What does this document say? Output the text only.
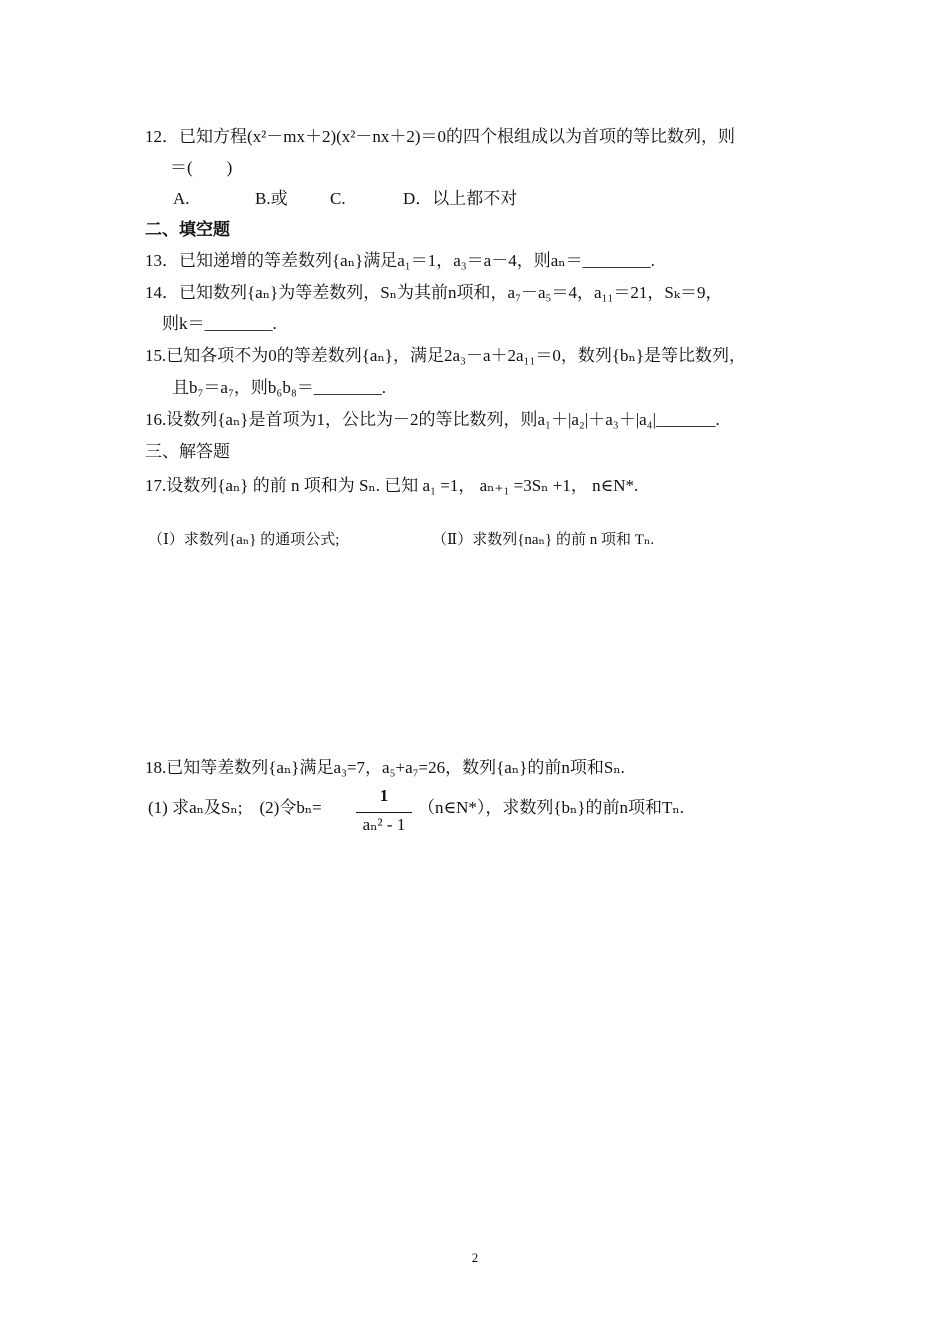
12．已知方程(x²－mx＋2)(x²－nx＋2)＝0的四个根组成以为首项的等比数列，则
＝(　　)
A.	B.或 C.	D．以上都不对
二、填空题
13．已知递增的等差数列{aₙ}满足a₁＝1，a₃＝a－4，则aₙ＝________.
14．已知数列{aₙ}为等差数列，Sₙ为其前n项和，a₇－a₅＝4，a₁₁＝21，Sₖ＝9，
则k＝________.
15.已知各项不为0的等差数列{aₙ}，满足2a₃－a＋2a₁₁＝0，数列{bₙ}是等比数列，
且b₇＝a₇，则b₆b₈＝________.
16.设数列{aₙ}是首项为1，公比为－2的等比数列，则a₁＋|a₂|＋a₃＋|a₄|_______.
三、解答题
17.设数列{aₙ} 的前 n 项和为 Sₙ. 已知 a₁ =1， aₙ₊₁ =3Sₙ +1， n∈N*.
（Ⅰ）求数列{aₙ} 的通项公式;	（Ⅱ）求数列{naₙ} 的前 n 项和 Tₙ.
18.已知等差数列{aₙ}满足a₃=7，a₅+a₇=26，数列{aₙ}的前n项和Sₙ.
(1) 求aₙ及Sₙ;　(2)令bₙ=
1
aₙ² - 1
（n∈N*），求数列{bₙ}的前n项和Tₙ.
2
